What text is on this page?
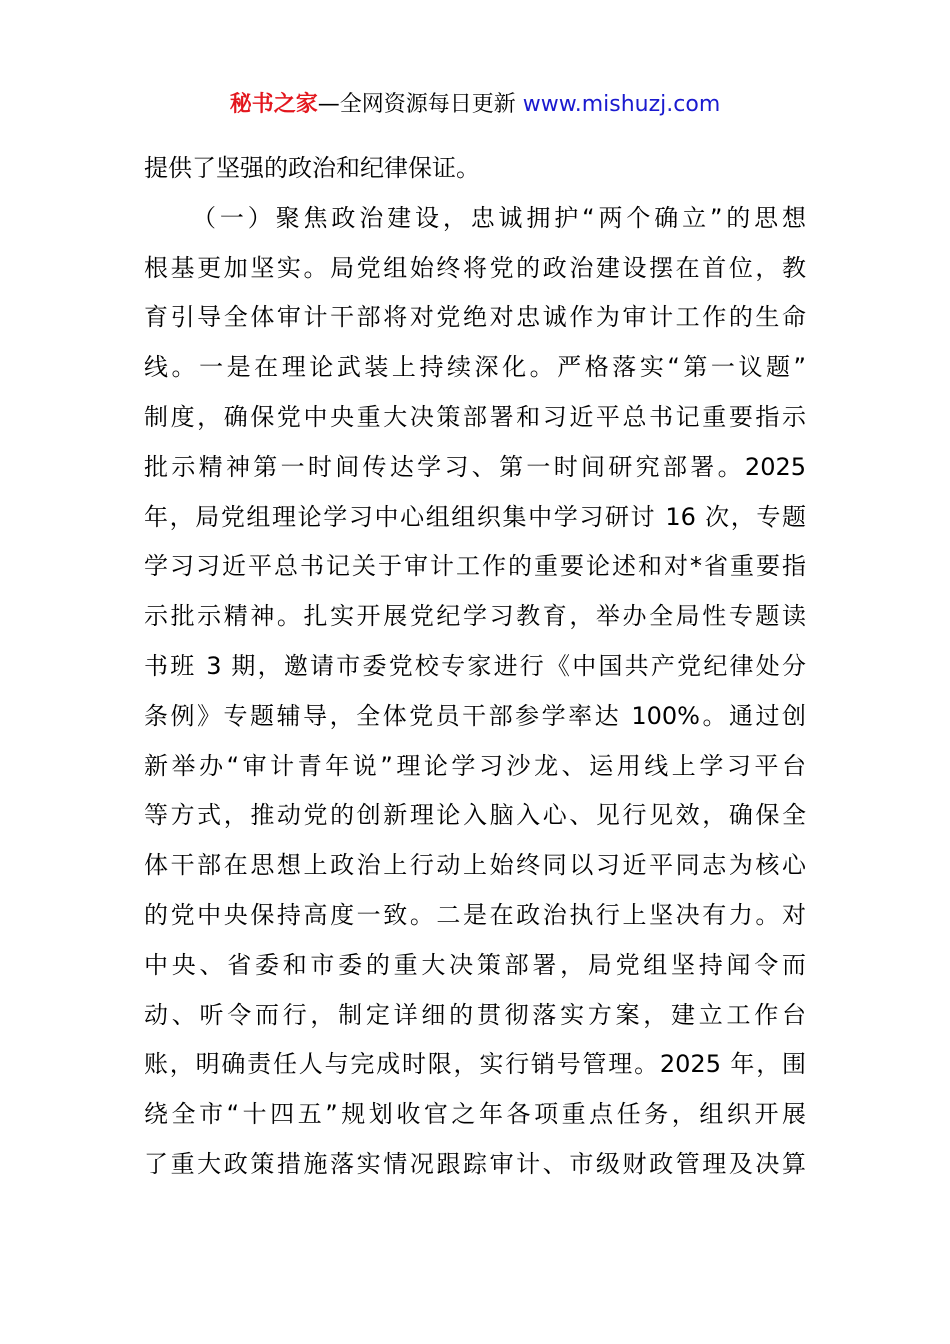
秘书之家—全网资源每日更新 www.mishuzj.com
提供了坚强的政治和纪律保证。
（一）聚焦政治建设，忠诚拥护“两个确立”的思想
根基更加坚实。局党组始终将党的政治建设摆在首位，教
育引导全体审计干部将对党绝对忠诚作为审计工作的生命
线。一是在理论武装上持续深化。严格落实“第一议题”
制度，确保党中央重大决策部署和习近平总书记重要指示
批示精神第一时间传达学习、第一时间研究部署。2025
年，局党组理论学习中心组组织集中学习研讨 16 次，专题
学习习近平总书记关于审计工作的重要论述和对*省重要指
示批示精神。扎实开展党纪学习教育，举办全局性专题读
书班 3 期，邀请市委党校专家进行《中国共产党纪律处分
条例》专题辅导，全体党员干部参学率达 100%。通过创
新举办“审计青年说”理论学习沙龙、运用线上学习平台
等方式，推动党的创新理论入脑入心、见行见效，确保全
体干部在思想上政治上行动上始终同以习近平同志为核心
的党中央保持高度一致。二是在政治执行上坚决有力。对
中央、省委和市委的重大决策部署，局党组坚持闻令而
动、听令而行，制定详细的贯彻落实方案，建立工作台
账，明确责任人与完成时限，实行销号管理。2025 年，围
绕全市“十四五”规划收官之年各项重点任务，组织开展
了重大政策措施落实情况跟踪审计、市级财政管理及决算
